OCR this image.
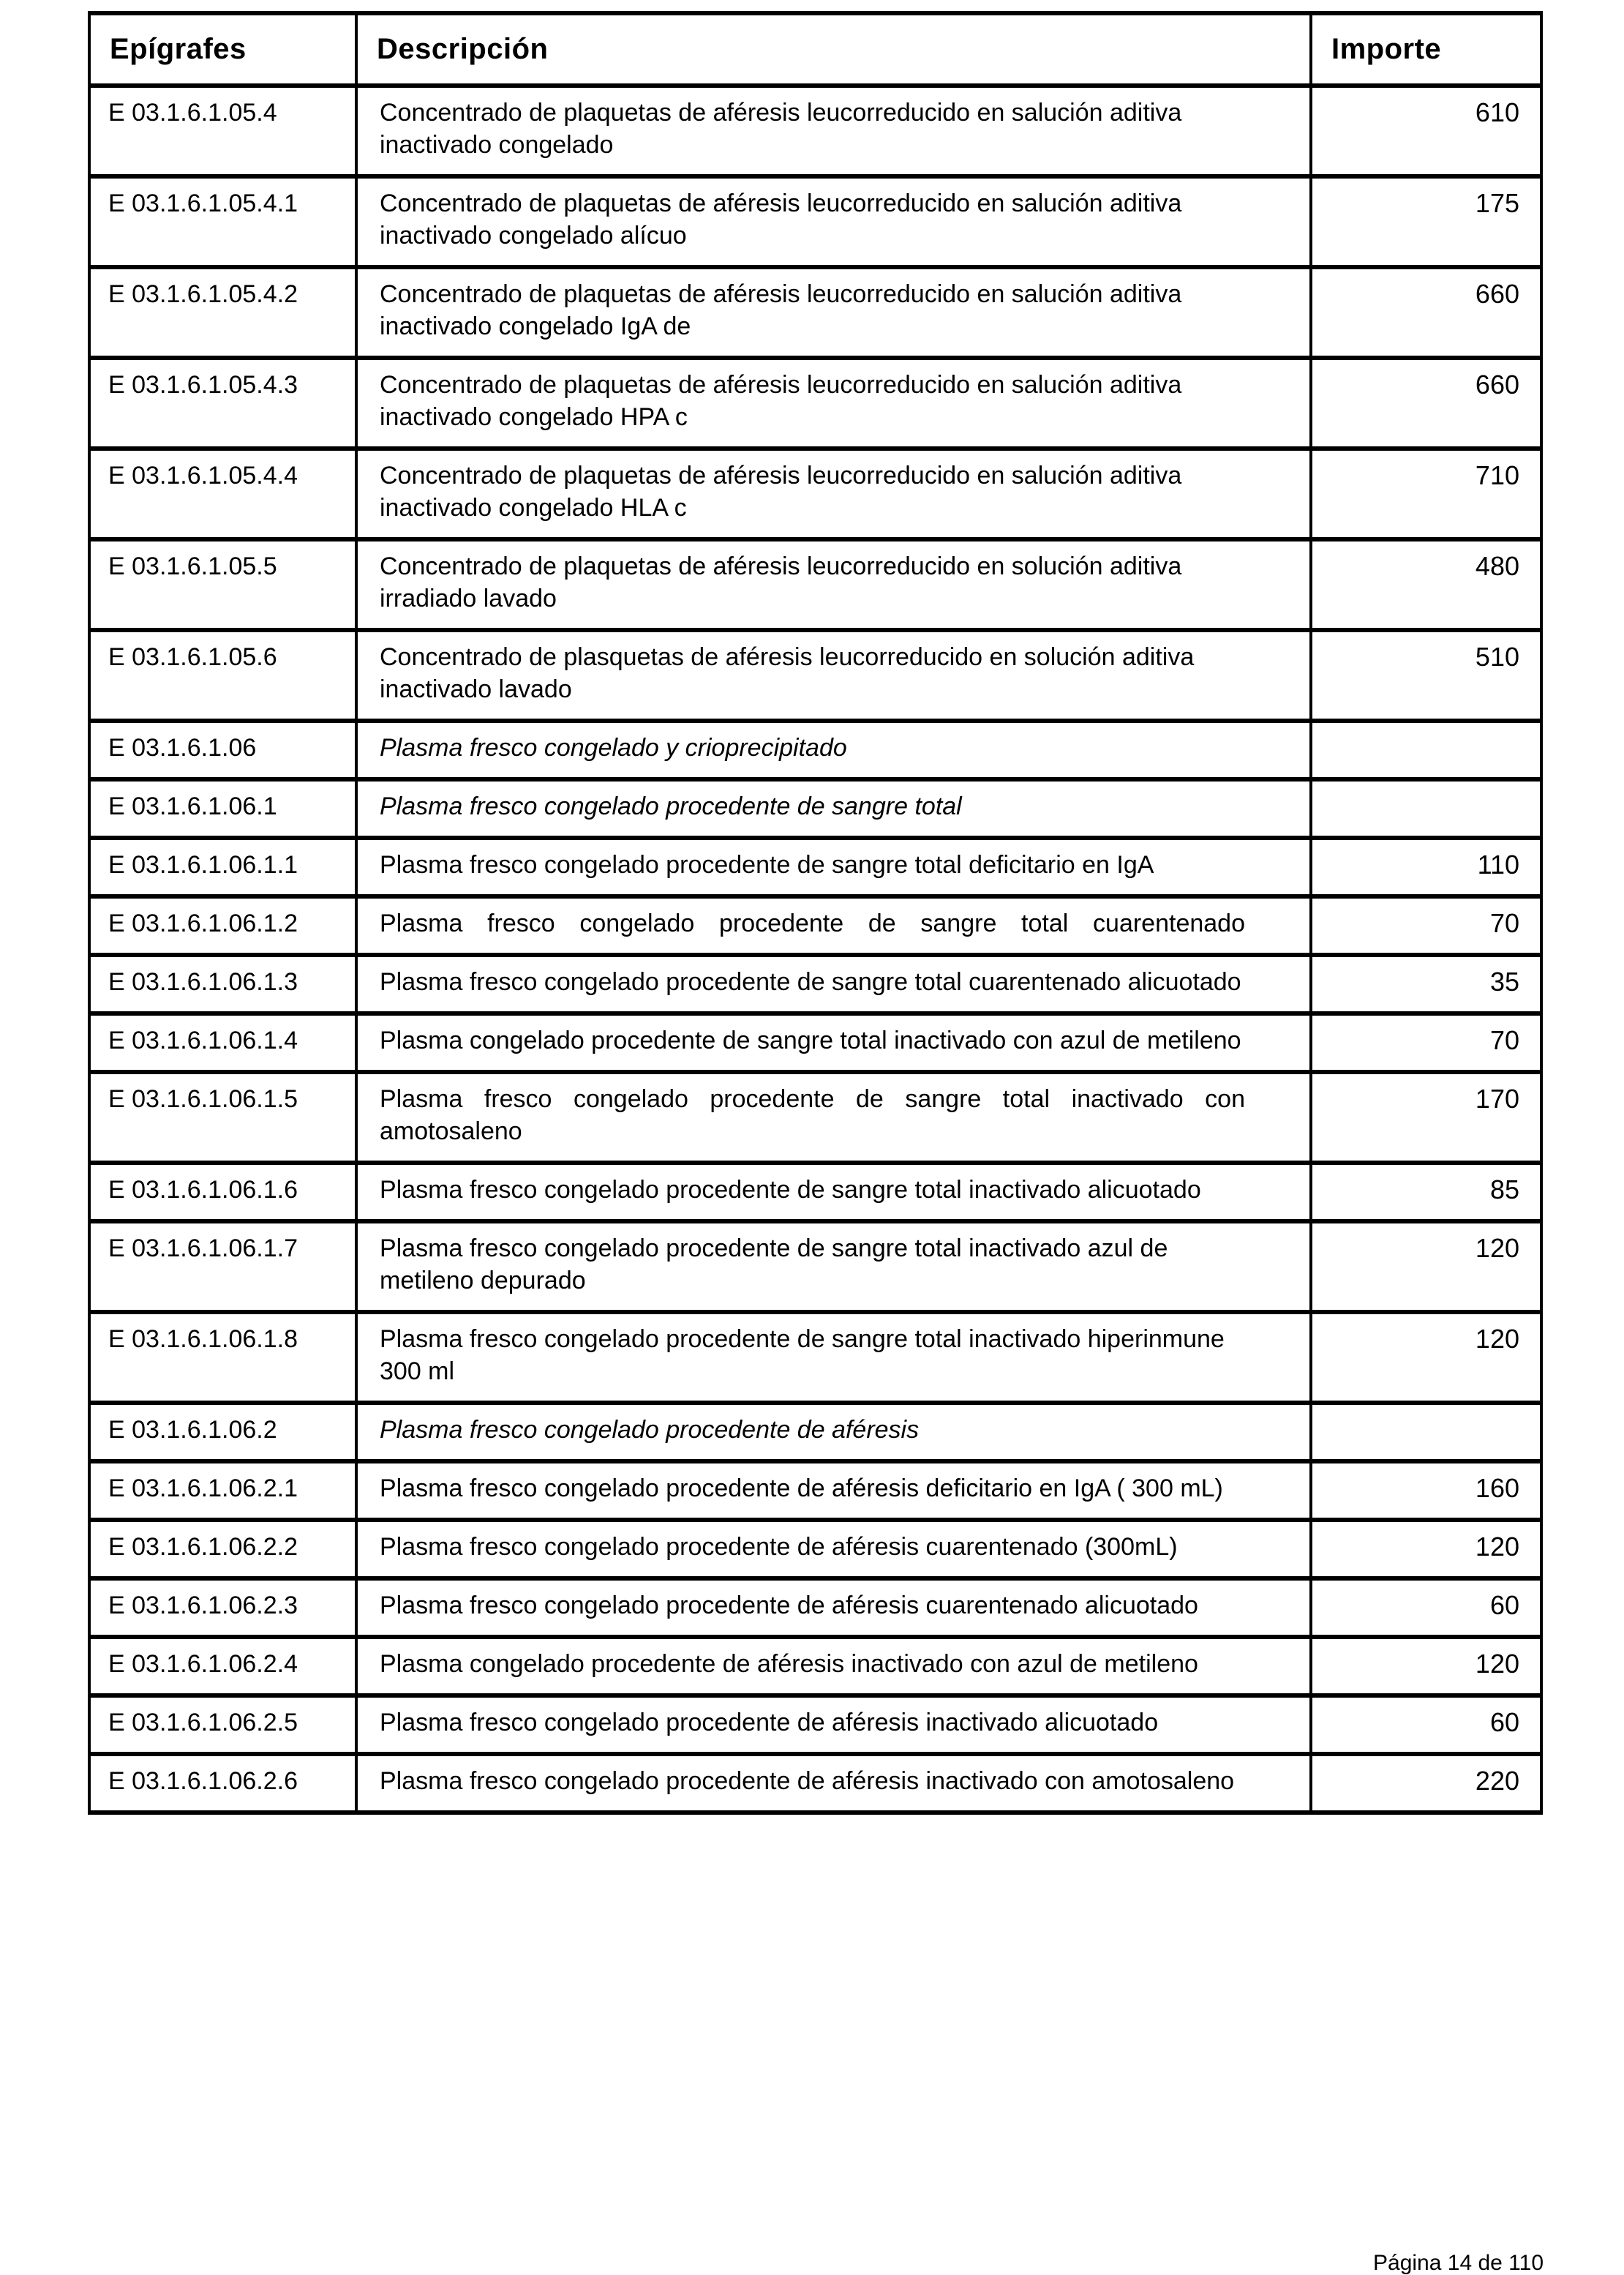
Epígrafes	Descripción	Importe
E 03.1.6.1.05.4	Concentrado de plaquetas de aféresis leucorreducido en salución aditiva inactivado congelado	610
E 03.1.6.1.05.4.1	Concentrado de plaquetas de aféresis leucorreducido en salución aditiva inactivado congelado alícuo	175
E 03.1.6.1.05.4.2	Concentrado de plaquetas de aféresis leucorreducido en salución aditiva inactivado congelado IgA de	660
E 03.1.6.1.05.4.3	Concentrado de plaquetas de aféresis leucorreducido en salución aditiva inactivado congelado HPA c	660
E 03.1.6.1.05.4.4	Concentrado de plaquetas de aféresis leucorreducido en salución aditiva inactivado congelado HLA c	710
E 03.1.6.1.05.5	Concentrado de plaquetas de aféresis leucorreducido en solución aditiva irradiado lavado	480
E 03.1.6.1.05.6	Concentrado de plasquetas de aféresis leucorreducido en solución aditiva inactivado lavado	510
E 03.1.6.1.06	Plasma fresco congelado y crioprecipitado	
E 03.1.6.1.06.1	Plasma fresco congelado procedente de sangre total	
E 03.1.6.1.06.1.1	Plasma fresco congelado procedente de sangre total deficitario en IgA	110
E 03.1.6.1.06.1.2	Plasma fresco congelado procedente de sangre total cuarentenado	70
E 03.1.6.1.06.1.3	Plasma fresco congelado procedente de sangre total cuarentenado alicuotado	35
E 03.1.6.1.06.1.4	Plasma congelado procedente de sangre total inactivado con azul de metileno	70
E 03.1.6.1.06.1.5	Plasma fresco congelado procedente de sangre total inactivado con amotosaleno	170
E 03.1.6.1.06.1.6	Plasma fresco congelado procedente de sangre total inactivado alicuotado	85
E 03.1.6.1.06.1.7	Plasma fresco congelado procedente de sangre total inactivado azul de metileno depurado	120
E 03.1.6.1.06.1.8	Plasma fresco congelado procedente de sangre total inactivado hiperinmune 300 ml	120
E 03.1.6.1.06.2	Plasma fresco congelado procedente de aféresis	
E 03.1.6.1.06.2.1	Plasma fresco congelado procedente de aféresis deficitario en IgA ( 300 mL)	160
E 03.1.6.1.06.2.2	Plasma fresco congelado procedente de aféresis cuarentenado (300mL)	120
E 03.1.6.1.06.2.3	Plasma fresco congelado procedente de aféresis cuarentenado alicuotado	60
E 03.1.6.1.06.2.4	Plasma congelado procedente de aféresis inactivado con azul de metileno	120
E 03.1.6.1.06.2.5	Plasma fresco congelado procedente de aféresis inactivado alicuotado	60
E 03.1.6.1.06.2.6	Plasma fresco congelado procedente de aféresis inactivado con amotosaleno	220
Página 14 de 110
